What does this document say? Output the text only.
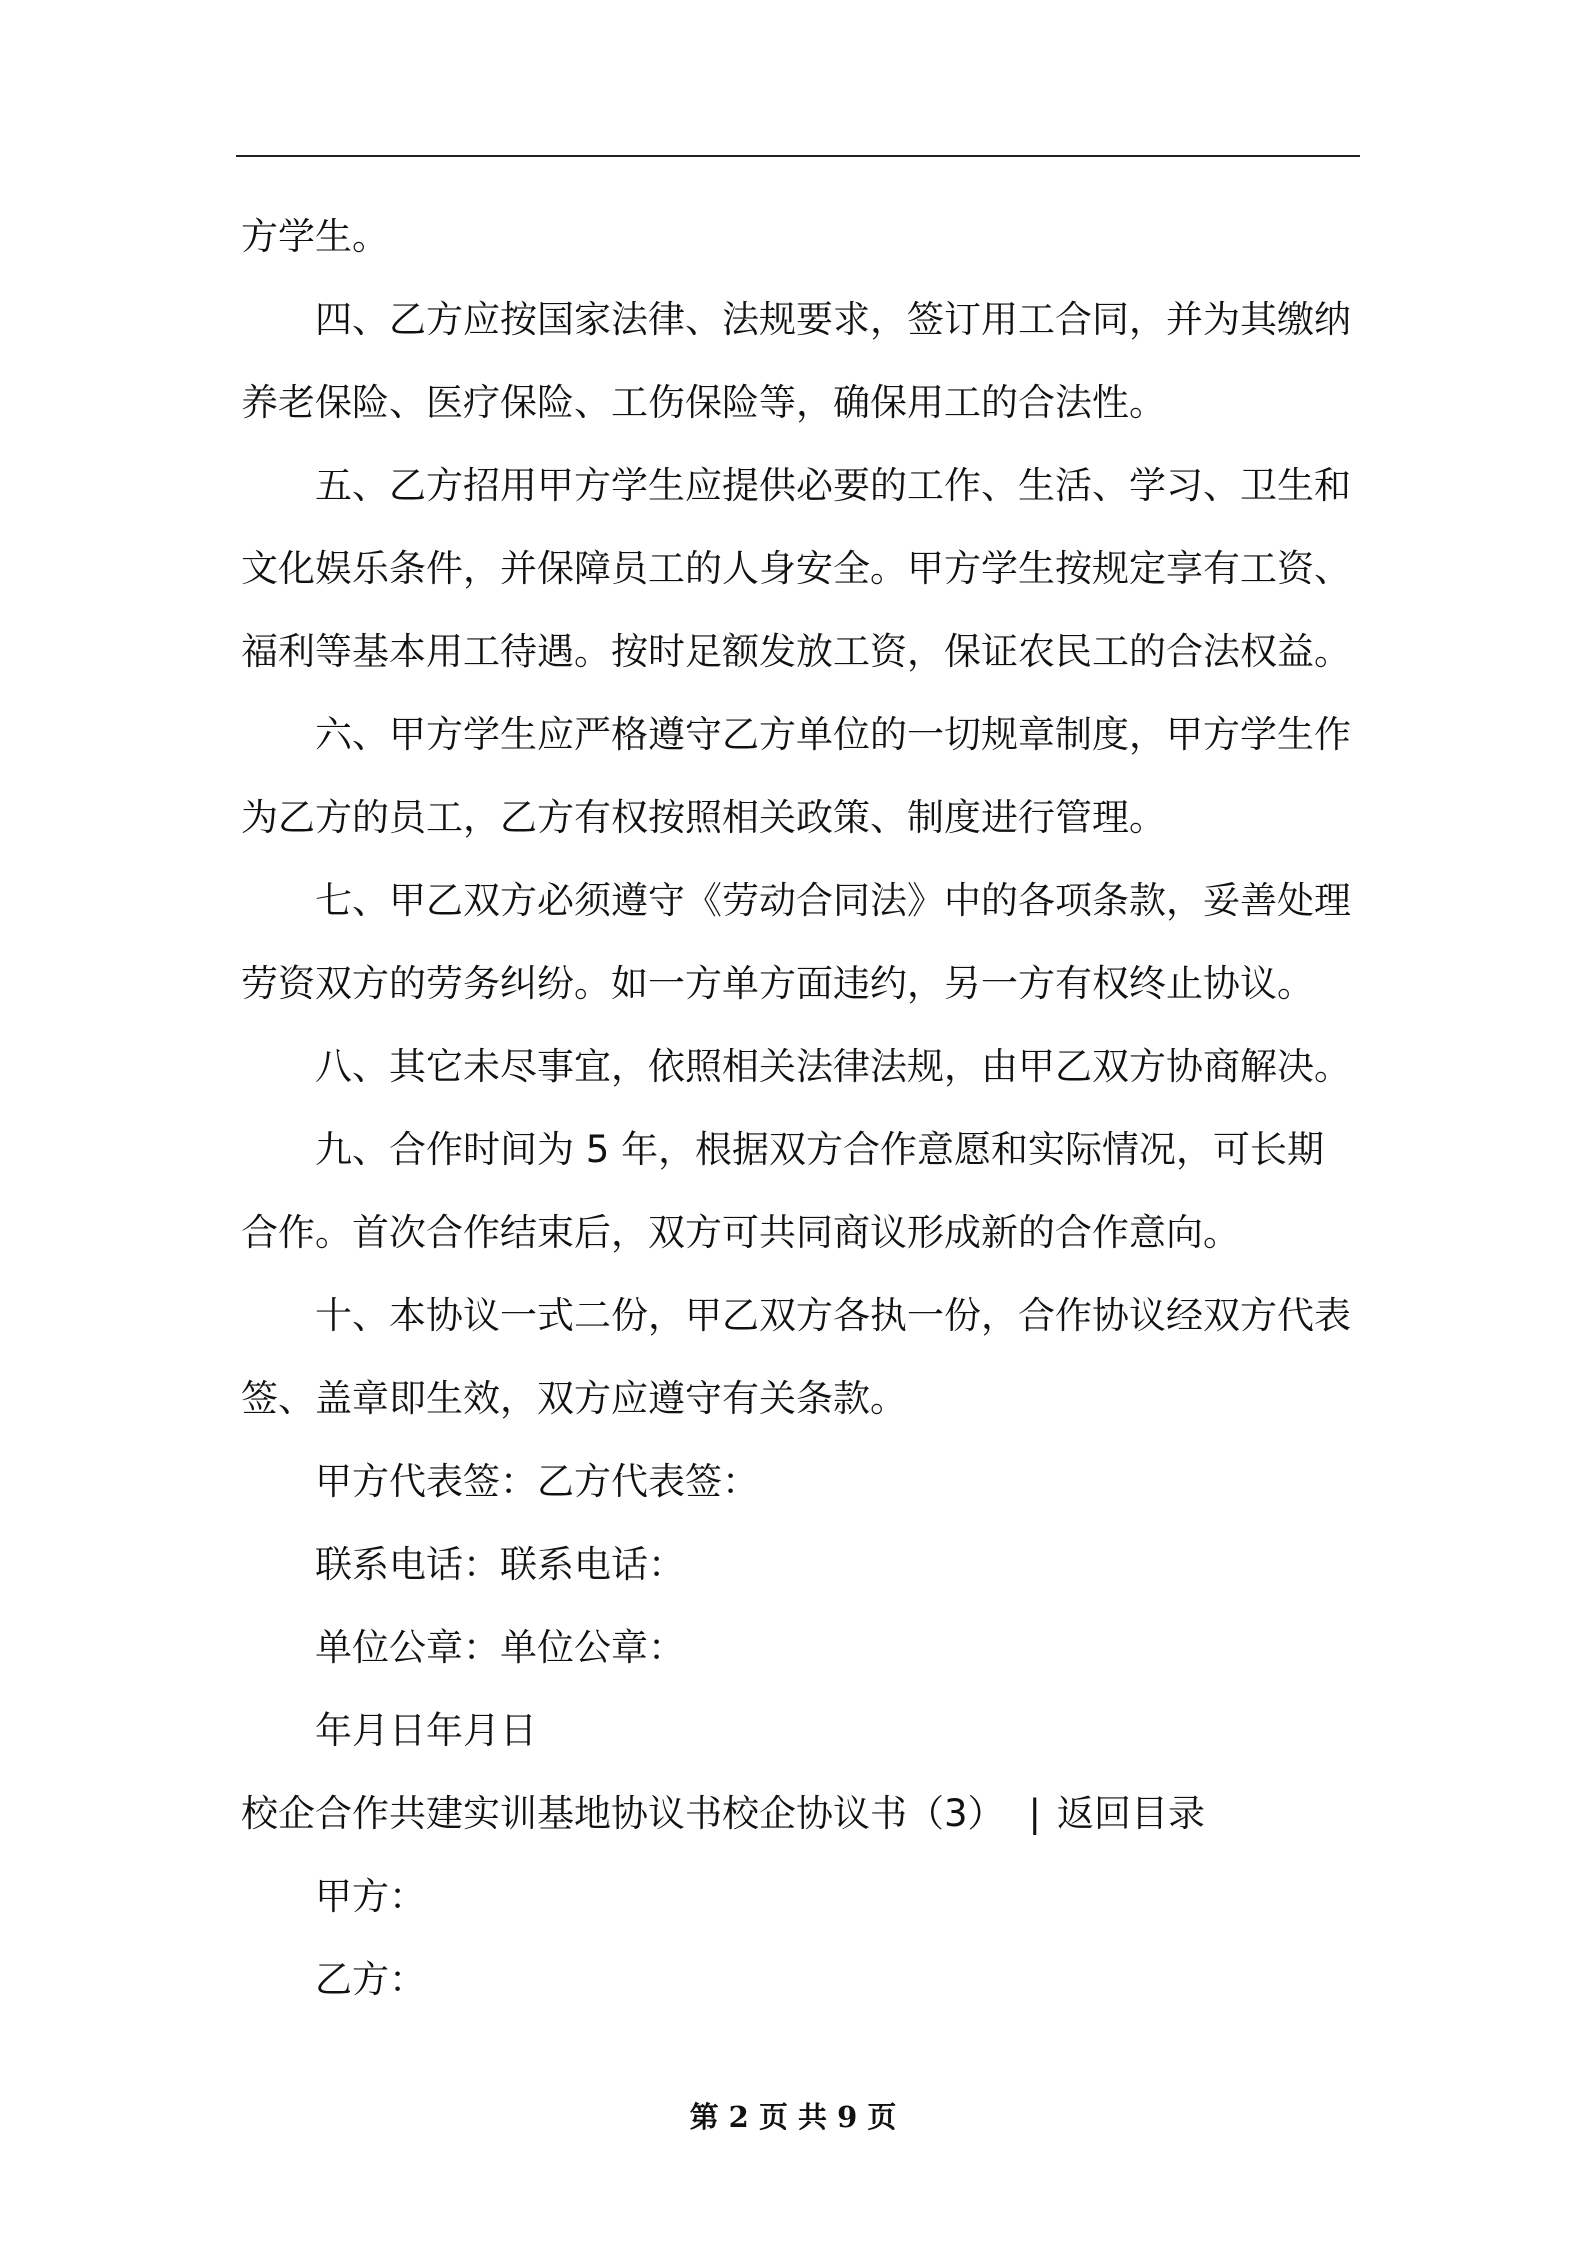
方学生。

四、乙方应按国家法律、法规要求，签订用工合同，并为其缴纳养老保险、医疗保险、工伤保险等，确保用工的合法性。

五、乙方招用甲方学生应提供必要的工作、生活、学习、卫生和文化娱乐条件，并保障员工的人身安全。甲方学生按规定享有工资、福利等基本用工待遇。按时足额发放工资，保证农民工的合法权益。

六、甲方学生应严格遵守乙方单位的一切规章制度，甲方学生作为乙方的员工，乙方有权按照相关政策、制度进行管理。

七、甲乙双方必须遵守《劳动合同法》中的各项条款，妥善处理劳资双方的劳务纠纷。如一方单方面违约，另一方有权终止协议。

八、其它未尽事宜，依照相关法律法规，由甲乙双方协商解决。

九、合作时间为 5 年，根据双方合作意愿和实际情况，可长期合作。首次合作结束后，双方可共同商议形成新的合作意向。

十、本协议一式二份，甲乙双方各执一份，合作协议经双方代表签、盖章即生效，双方应遵守有关条款。

甲方代表签：乙方代表签：

联系电话：联系电话：

单位公章：单位公章：

年月日年月日

校企合作共建实训基地协议书校企协议书（3） | 返回目录

甲方：

乙方：

第 2 页 共 9 页
